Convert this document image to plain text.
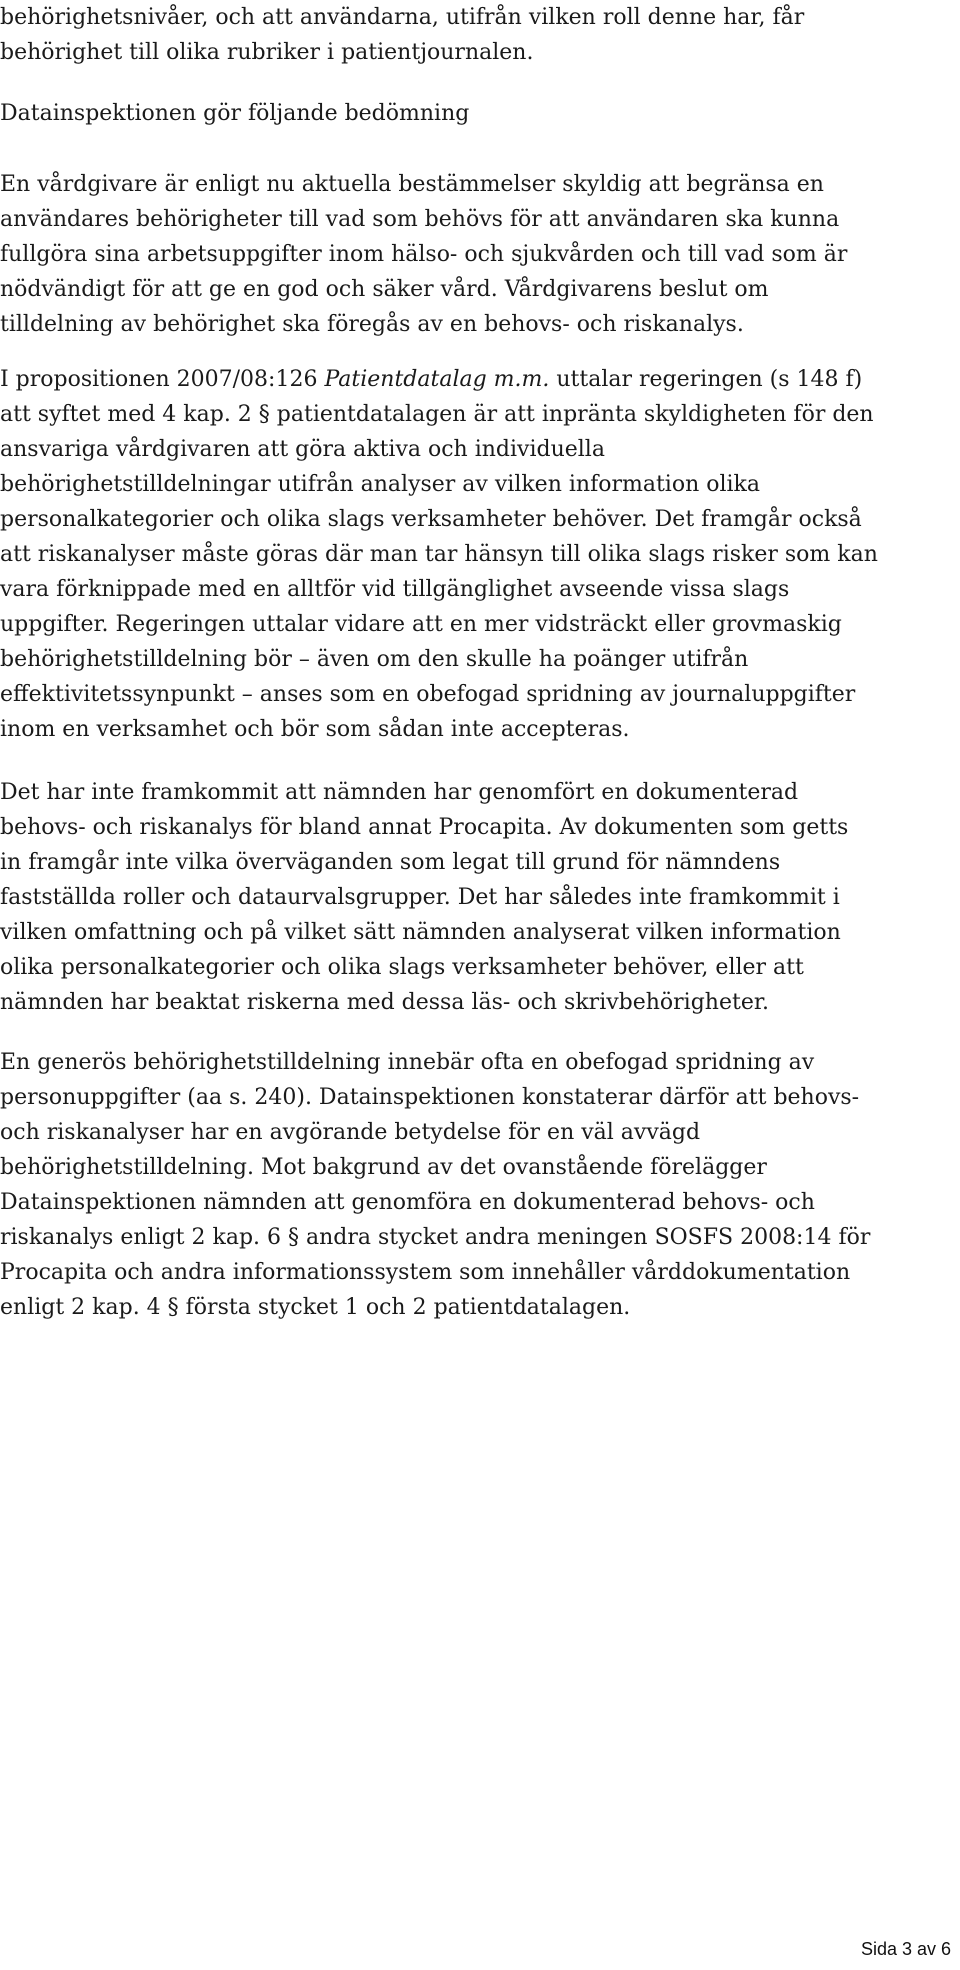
behörighetsnivåer, och att användarna, utifrån vilken roll denne har, får
behörighet till olika rubriker i patientjournalen.

Datainspektionen gör följande bedömning

En vårdgivare är enligt nu aktuella bestämmelser skyldig att begränsa en
användares behörigheter till vad som behövs för att användaren ska kunna
fullgöra sina arbetsuppgifter inom hälso- och sjukvården och till vad som är
nödvändigt för att ge en god och säker vård. Vårdgivarens beslut om
tilldelning av behörighet ska föregås av en behovs- och riskanalys.

I propositionen 2007/08:126 Patientdatalag m.m. uttalar regeringen (s 148 f)
att syftet med 4 kap. 2 § patientdatalagen är att inpränta skyldigheten för den
ansvariga vårdgivaren att göra aktiva och individuella
behörighetstilldelningar utifrån analyser av vilken information olika
personalkategorier och olika slags verksamheter behöver. Det framgår också
att riskanalyser måste göras där man tar hänsyn till olika slags risker som kan
vara förknippade med en alltför vid tillgänglighet avseende vissa slags
uppgifter. Regeringen uttalar vidare att en mer vidsträckt eller grovmaskig
behörighetstilldelning bör – även om den skulle ha poänger utifrån
effektivitetssynpunkt – anses som en obefogad spridning av journaluppgifter
inom en verksamhet och bör som sådan inte accepteras.

Det har inte framkommit att nämnden har genomfört en dokumenterad
behovs- och riskanalys för bland annat Procapita. Av dokumenten som getts
in framgår inte vilka överväganden som legat till grund för nämndens
fastställda roller och dataurvalsgrupper. Det har således inte framkommit i
vilken omfattning och på vilket sätt nämnden analyserat vilken information
olika personalkategorier och olika slags verksamheter behöver, eller att
nämnden har beaktat riskerna med dessa läs- och skrivbehörigheter.

En generös behörighetstilldelning innebär ofta en obefogad spridning av
personuppgifter (aa s. 240). Datainspektionen konstaterar därför att behovs-
och riskanalyser har en avgörande betydelse för en väl avvägd
behörighetstilldelning. Mot bakgrund av det ovanstående förelägger
Datainspektionen nämnden att genomföra en dokumenterad behovs- och
riskanalys enligt 2 kap. 6 § andra stycket andra meningen SOSFS 2008:14 för
Procapita och andra informationssystem som innehåller vårddokumentation
enligt 2 kap. 4 § första stycket 1 och 2 patientdatalagen.

Sida 3 av 6
